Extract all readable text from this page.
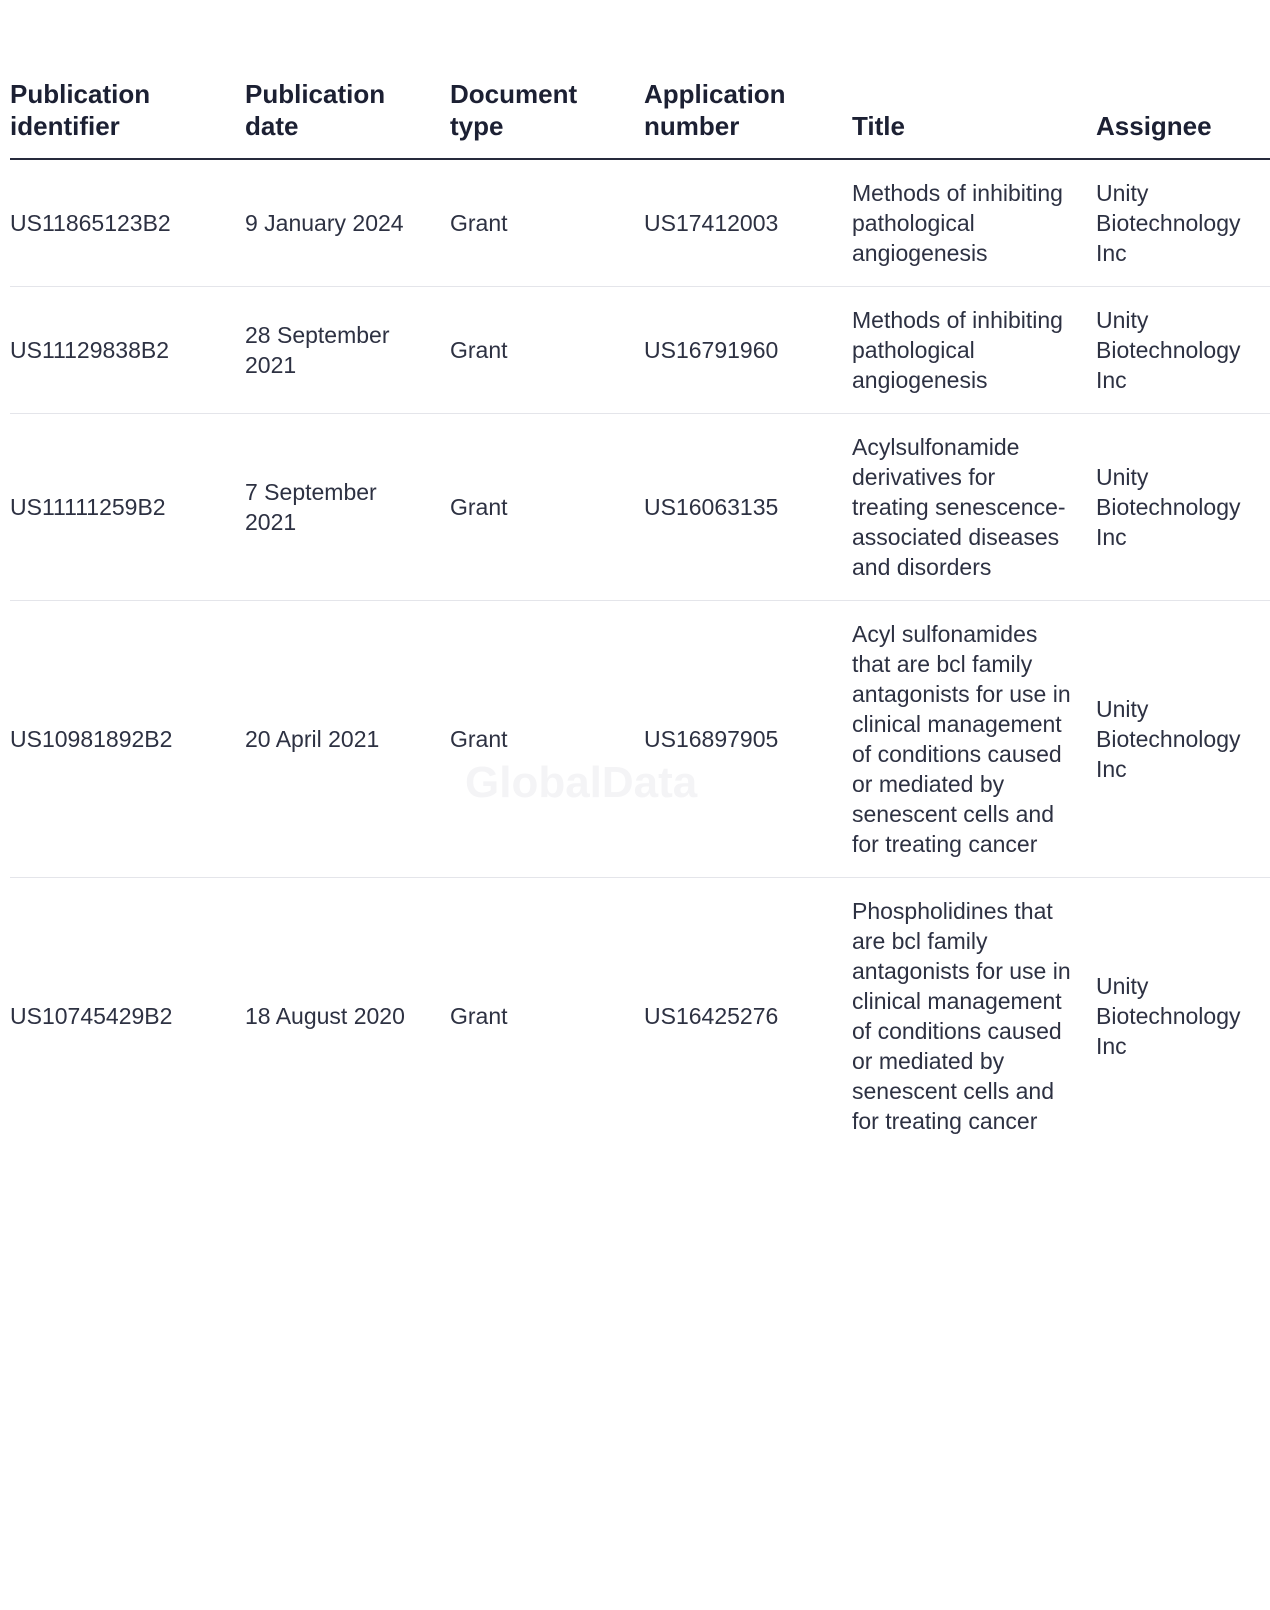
Publication identifier	Publication date	Document type	Application number	Title	Assignee
US11865123B2	9 January 2024	Grant	US17412003	Methods of inhibiting pathological angiogenesis	Unity Biotechnology Inc
US11129838B2	28 September 2021	Grant	US16791960	Methods of inhibiting pathological angiogenesis	Unity Biotechnology Inc
US11111259B2	7 September 2021	Grant	US16063135	Acylsulfonamide derivatives for treating senescence-associated diseases and disorders	Unity Biotechnology Inc
US10981892B2	20 April 2021	Grant	US16897905	Acyl sulfonamides that are bcl family antagonists for use in clinical management of conditions caused or mediated by senescent cells and for treating cancer	Unity Biotechnology Inc
US10745429B2	18 August 2020	Grant	US16425276	Phospholidines that are bcl family antagonists for use in clinical management of conditions caused or mediated by senescent cells and for treating cancer	Unity Biotechnology Inc
GlobalData
